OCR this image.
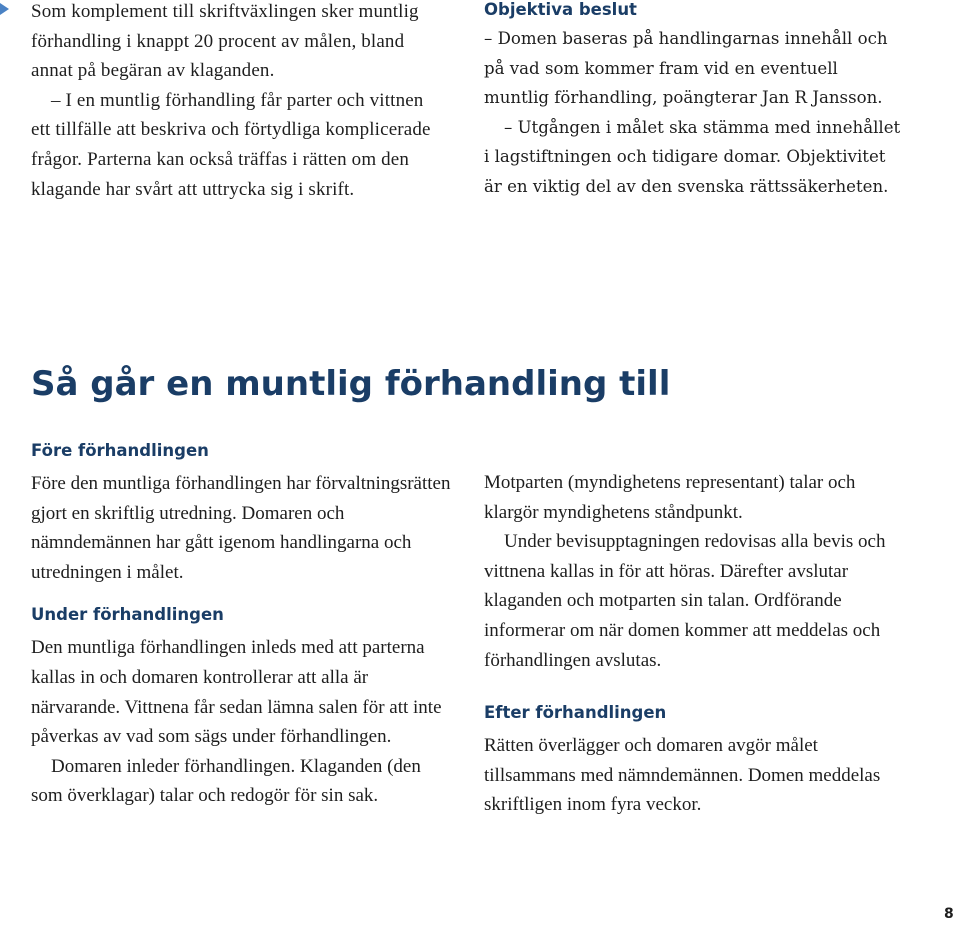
Som komplement till skriftväxlingen sker muntlig förhandling i knappt 20 procent av målen, bland annat på begäran av klaganden.

– I en muntlig förhandling får parter och vittnen ett tillfälle att beskriva och förtydliga komplicerade frågor. Parterna kan också träffas i rätten om den klagande har svårt att uttrycka sig i skrift.

Objektiva beslut

– Domen baseras på handlingarnas innehåll och på vad som kommer fram vid en eventuell muntlig förhandling, poängterar Jan R Jansson.

– Utgången i målet ska stämma med innehållet i lagstiftningen och tidigare domar. Objektivitet är en viktig del av den svenska rättssäkerheten.

Så går en muntlig förhandling till
Före förhandlingen

Före den muntliga förhandlingen har förvaltningsrätten gjort en skriftlig utredning. Domaren och nämndemännen har gått igenom handlingarna och utredningen i målet.

Under förhandlingen

Den muntliga förhandlingen inleds med att parterna kallas in och domaren kontrollerar att alla är närvarande. Vittnena får sedan lämna salen för att inte påverkas av vad som sägs under förhandlingen.

Domaren inleder förhandlingen. Klaganden (den som överklagar) talar och redogör för sin sak.

Motparten (myndighetens representant) talar och klargör myndighetens ståndpunkt.

Under bevisupptagningen redovisas alla bevis och vittnena kallas in för att höras. Därefter avslutar klaganden och motparten sin talan. Ordförande informerar om när domen kommer att meddelas och förhandlingen avslutas.

Efter förhandlingen

Rätten överlägger och domaren avgör målet tillsammans med nämndemännen. Domen meddelas skriftligen inom fyra veckor.

8
